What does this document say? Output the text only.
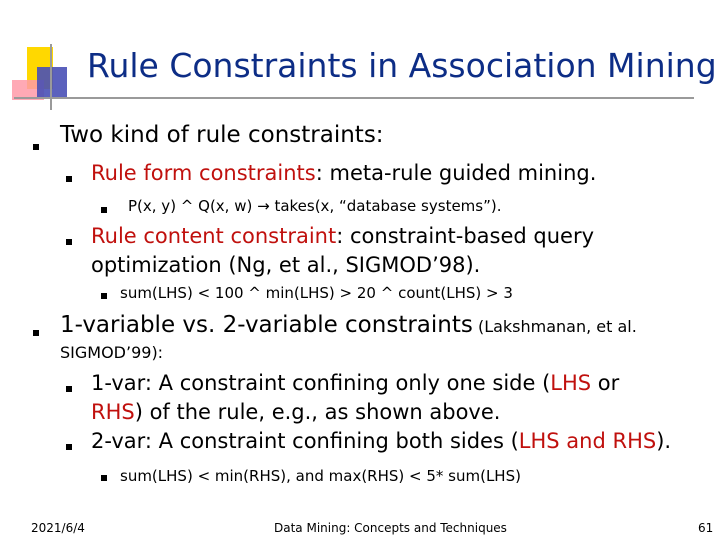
Rule Constraints in Association Mining
Two kind of rule constraints:
Rule form constraints: meta-rule guided mining.
P(x, y) ^ Q(x, w) → takes(x, “database systems”).
Rule content constraint: constraint-based query
optimization (Ng, et al., SIGMOD’98).
sum(LHS) < 100 ^ min(LHS) > 20 ^ count(LHS) > 3
1-variable vs. 2-variable constraints (Lakshmanan, et al.
SIGMOD’99):
1-var: A constraint confining only one side (LHS or
RHS) of the rule, e.g., as shown above.
2-var: A constraint confining both sides (LHS and RHS).
sum(LHS) < min(RHS), and max(RHS) < 5* sum(LHS)
2021/6/4	Data Mining: Concepts and Techniques	61
